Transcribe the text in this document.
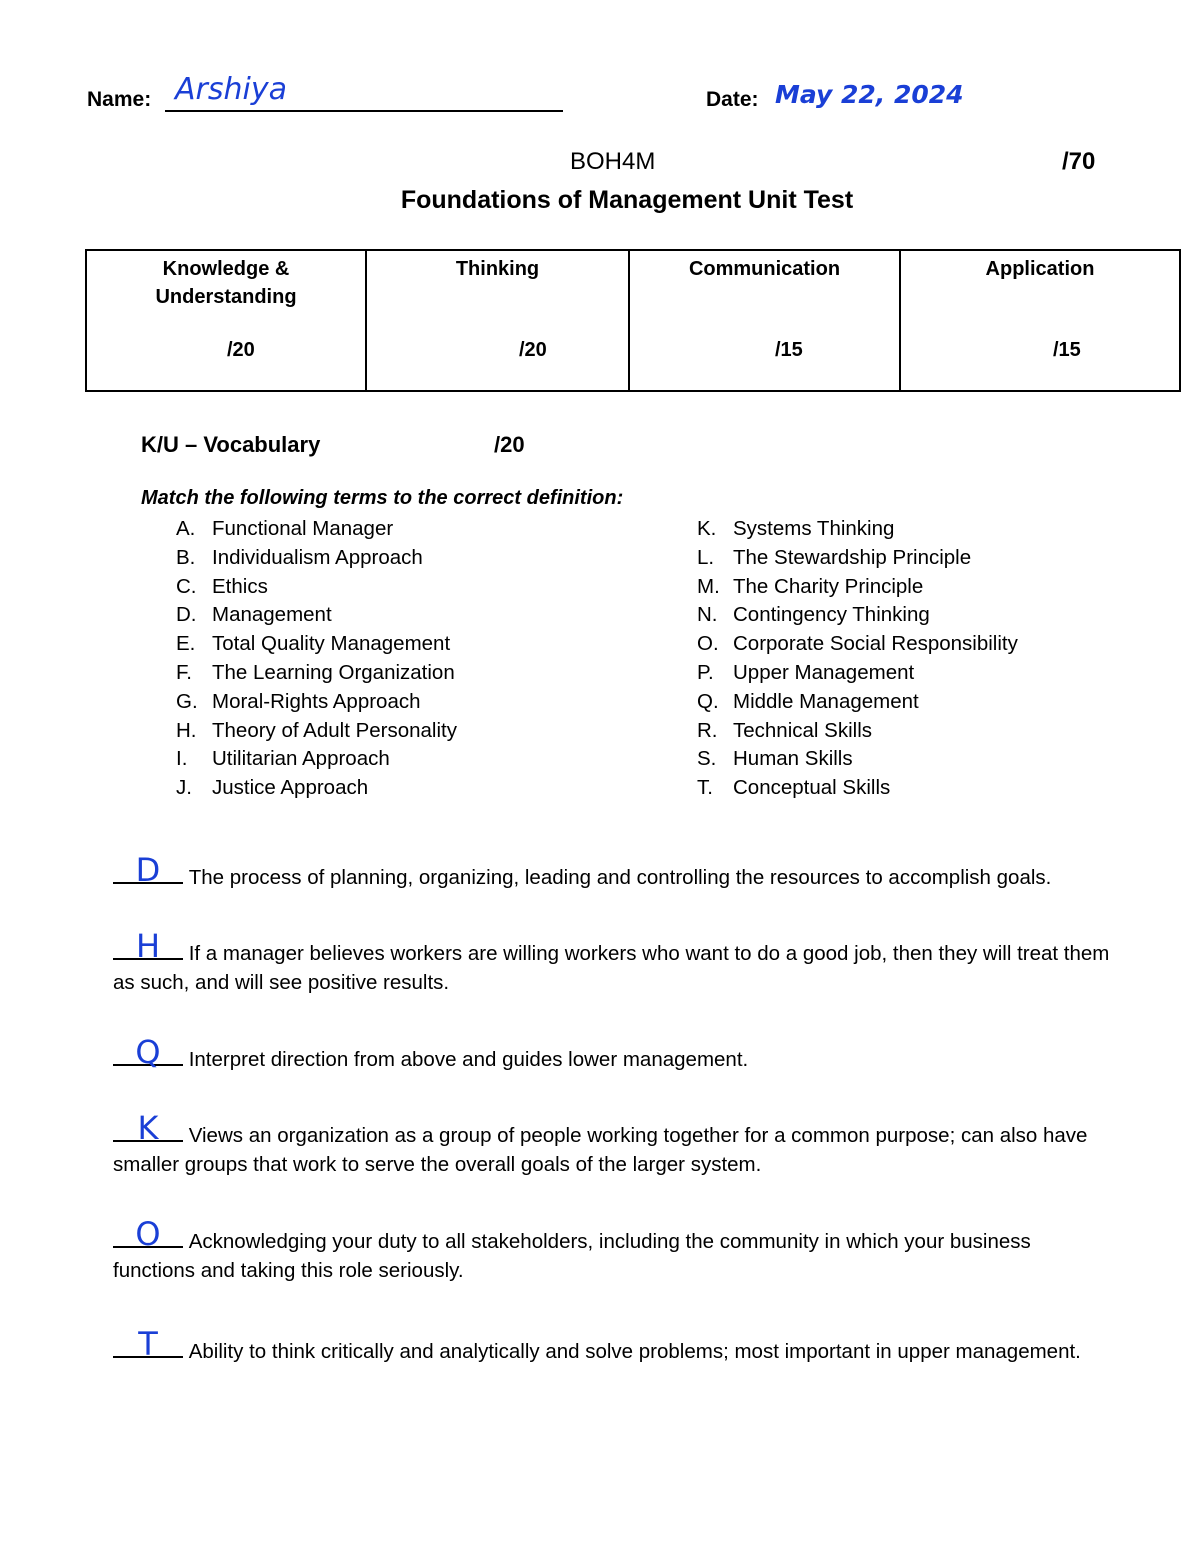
Name: Arshiya	Date: May 22, 2024
BOH4M	/70
Foundations of Management Unit Test
Knowledge & Understanding
/20

Thinking
/20

Communication
/15

Application
/15
K/U – Vocabulary	/20
Match the following terms to the correct definition:
A. Functional Manager
B. Individualism Approach
C. Ethics
D. Management
E. Total Quality Management
F. The Learning Organization
G. Moral-Rights Approach
H. Theory of Adult Personality
I. Utilitarian Approach
J. Justice Approach
K. Systems Thinking
L. The Stewardship Principle
M. The Charity Principle
N. Contingency Thinking
O. Corporate Social Responsibility
P. Upper Management
Q. Middle Management
R. Technical Skills
S. Human Skills
T. Conceptual Skills
D	The process of planning, organizing, leading and controlling the resources to accomplish goals.
H	If a manager believes workers are willing workers who want to do a good job, then they will treat them as such, and will see positive results.
Q	Interpret direction from above and guides lower management.
K	Views an organization as a group of people working together for a common purpose; can also have smaller groups that work to serve the overall goals of the larger system.
O	Acknowledging your duty to all stakeholders, including the community in which your business functions and taking this role seriously.
T	Ability to think critically and analytically and solve problems; most important in upper management.
